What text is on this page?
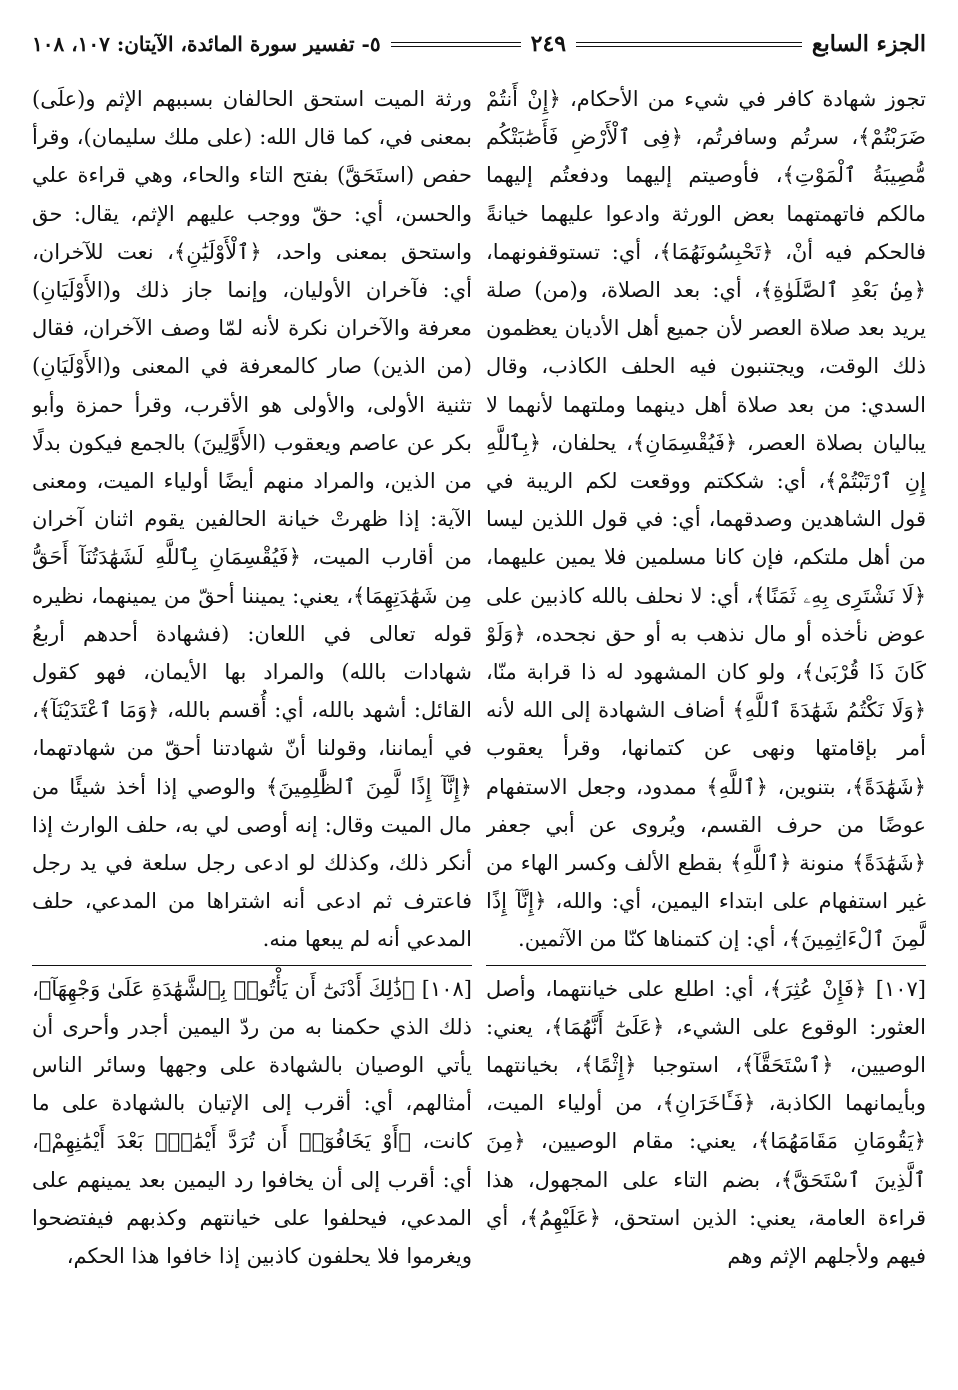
الجزء السابع
٢٤٩
٥- تفسير سورة المائدة، الآيتان: ١٠٧، ١٠٨

تجوز شهادة كافر في شيء من الأحكام، ﴿إِنْ أَنتُمْ ضَرَبْتُمْ﴾، سرتُم وسافرتُم، ﴿فِى ٱلْأَرْضِ فَأَصَٰبَتْكُم مُّصِيبَةُ ٱلْمَوْتِ﴾، فأوصيتم إليهما ودفعتُم إليهما مالكم فاتهمتهما بعض الورثة وادعوا عليهما خيانةً فالحكم فيه أنْ، ﴿تَحْبِسُونَهُمَا﴾، أي: تستوقفونهما، ﴿مِنۢ بَعْدِ ٱلصَّلَوٰةِ﴾، أي: بعد الصلاة، و(من) صلة يريد بعد صلاة العصر لأن جميع أهل الأديان يعظمون ذلك الوقت، ويجتنبون فيه الحلف الكاذب، وقال السدي: من بعد صلاة أهل دينهما وملتهما لأنهما لا يباليان بصلاة العصر، ﴿فَيُقْسِمَانِ﴾، يحلفان، ﴿بِٱللَّهِ إِنِ ٱرْتَبْتُمْ﴾، أي: شككتم ووقعت لكم الريبة في قول الشاهدين وصدقهما، أي: في قول اللذين ليسا من أهل ملتكم، فإن كانا مسلمين فلا يمين عليهما، ﴿لَا نَشْتَرِى بِهِۦ ثَمَنًا﴾، أي: لا نحلف بالله كاذبين على عوض نأخذه أو مال نذهب به أو حق نجحده، ﴿وَلَوْ كَانَ ذَا قُرْبَىٰ﴾، ولو كان المشهود له ذا قرابة منّا، ﴿وَلَا نَكْتُمُ شَهَٰدَةَ ٱللَّهِ﴾ أضاف الشهادة إلى الله لأنه أمر بإقامتها ونهى عن كتمانها، وقرأ يعقوب ﴿شَهَٰدَةً﴾، بتنوين، ﴿ٱللَّهِ﴾ ممدود، وجعل الاستفهام عوضًا من حرف القسم، ويُروى عن أبي جعفر ﴿شَهَٰدَةً﴾ منونة ﴿ٱللَّهِ﴾ بقطع الألف وكسر الهاء من غير استفهام على ابتداء اليمين، أي: والله، ﴿إِنَّآ إِذًا لَّمِنَ ٱلْءَاثِمِينَ﴾، أي: إن كتمناها كنّا من الآثمين.

[١٠٧] ﴿فَإِنْ عُثِرَ﴾، أي: اطلع على خيانتهما، وأصل العثور: الوقوع على الشيء، ﴿عَلَىٰٓ أَنَّهُمَا﴾، يعني: الوصيين، ﴿ٱسْتَحَقَّآ﴾، استوجبا ﴿إِثْمًا﴾، بخيانتهما وبأيمانهما الكاذبة، ﴿فَـَٔاخَرَانِ﴾، من أولياء الميت، ﴿يَقُومَانِ مَقَامَهُمَا﴾، يعني: مقام الوصيين، ﴿مِنَ ٱلَّذِينَ ٱسْتَحَقَّ﴾، بضم التاء على المجهول، هذا قراءة العامة، يعني: الذين استحق، ﴿عَلَيْهِمُ﴾، أي فيهم ولأجلهم الإثم وهم

ورثة الميت استحق الحالفان بسببهم الإثم و(علَى) بمعنى في، كما قال الله: (على ملك سليمان)، وقرأ حفص (استَحَقَّ) بفتح التاء والحاء، وهي قراءة علي والحسن، أي: حقّ ووجب عليهم الإثم، يقال: حق واستحق بمعنى واحد، ﴿ٱلْأَوْلَيَٰنِ﴾، نعت للآخران، أي: فآخران الأوليان، وإنما جاز ذلك و(الأَوْلَيَانِ) معرفة والآخران نكرة لأنه لمّا وصف الآخران، فقال (من الذين) صار كالمعرفة في المعنى و(الأَوْلَيَانِ) تثنية الأولى، والأولى هو الأقرب، وقرأ حمزة وأبو بكر عن عاصم ويعقوب (الأَوَّلِينَ) بالجمع فيكون بدلًا من الذين، والمراد منهم أيضًا أولياء الميت، ومعنى الآية: إذا ظهرتْ خيانة الحالفين يقوم اثنان آخران من أقارب الميت، ﴿فَيُقْسِمَانِ بِٱللَّهِ لَشَهَٰدَتُنَآ أَحَقُّ مِن شَهَٰدَتِهِمَا﴾، يعني: يميننا أحقّ من يمينهما، نظيره قوله تعالى في اللعان: (فشهادة أحدهم أربعُ شهادات بالله) والمراد بها الأيمان، فهو كقول القائل: أشهد بالله، أي: أُقسم بالله، ﴿وَمَا ٱعْتَدَيْنَآ﴾، في أيماننا، وقولنا أنّ شهادتنا أحقّ من شهادتهما، ﴿إِنَّآ إِذًا لَّمِنَ ٱلظَّٰلِمِينَ﴾ والوصي إذا أخذ شيئًا من مال الميت وقال: إنه أوصى لي به، حلف الوارث إذا أنكر ذلك، وكذلك لو ادعى رجل سلعة في يد رجل فاعترف ثم ادعى أنه اشتراها من المدعي، حلف المدعي أنه لم يبعها منه.

[١٠٨] ﴿ذَٰلِكَ أَدْنَىٰٓ أَن يَأْتُوا۟ بِٱلشَّهَٰدَةِ عَلَىٰ وَجْهِهَآ﴾، ذلك الذي حكمنا به من ردّ اليمين أجدر وأحرى أن يأتي الوصيان بالشهادة على وجهها وسائر الناس أمثالهم، أي: أقرب إلى الإتيان بالشهادة على ما كانت، ﴿أَوْ يَخَافُوٓا۟ أَن تُرَدَّ أَيْمَٰنٌۢ بَعْدَ أَيْمَٰنِهِمْ﴾، أي: أقرب إلى أن يخافوا رد اليمين بعد يمينهم على المدعي، فيحلفوا على خيانتهم وكذبهم فيفتضحوا ويغرموا فلا يحلفون كاذبين إذا خافوا هذا الحكم،
